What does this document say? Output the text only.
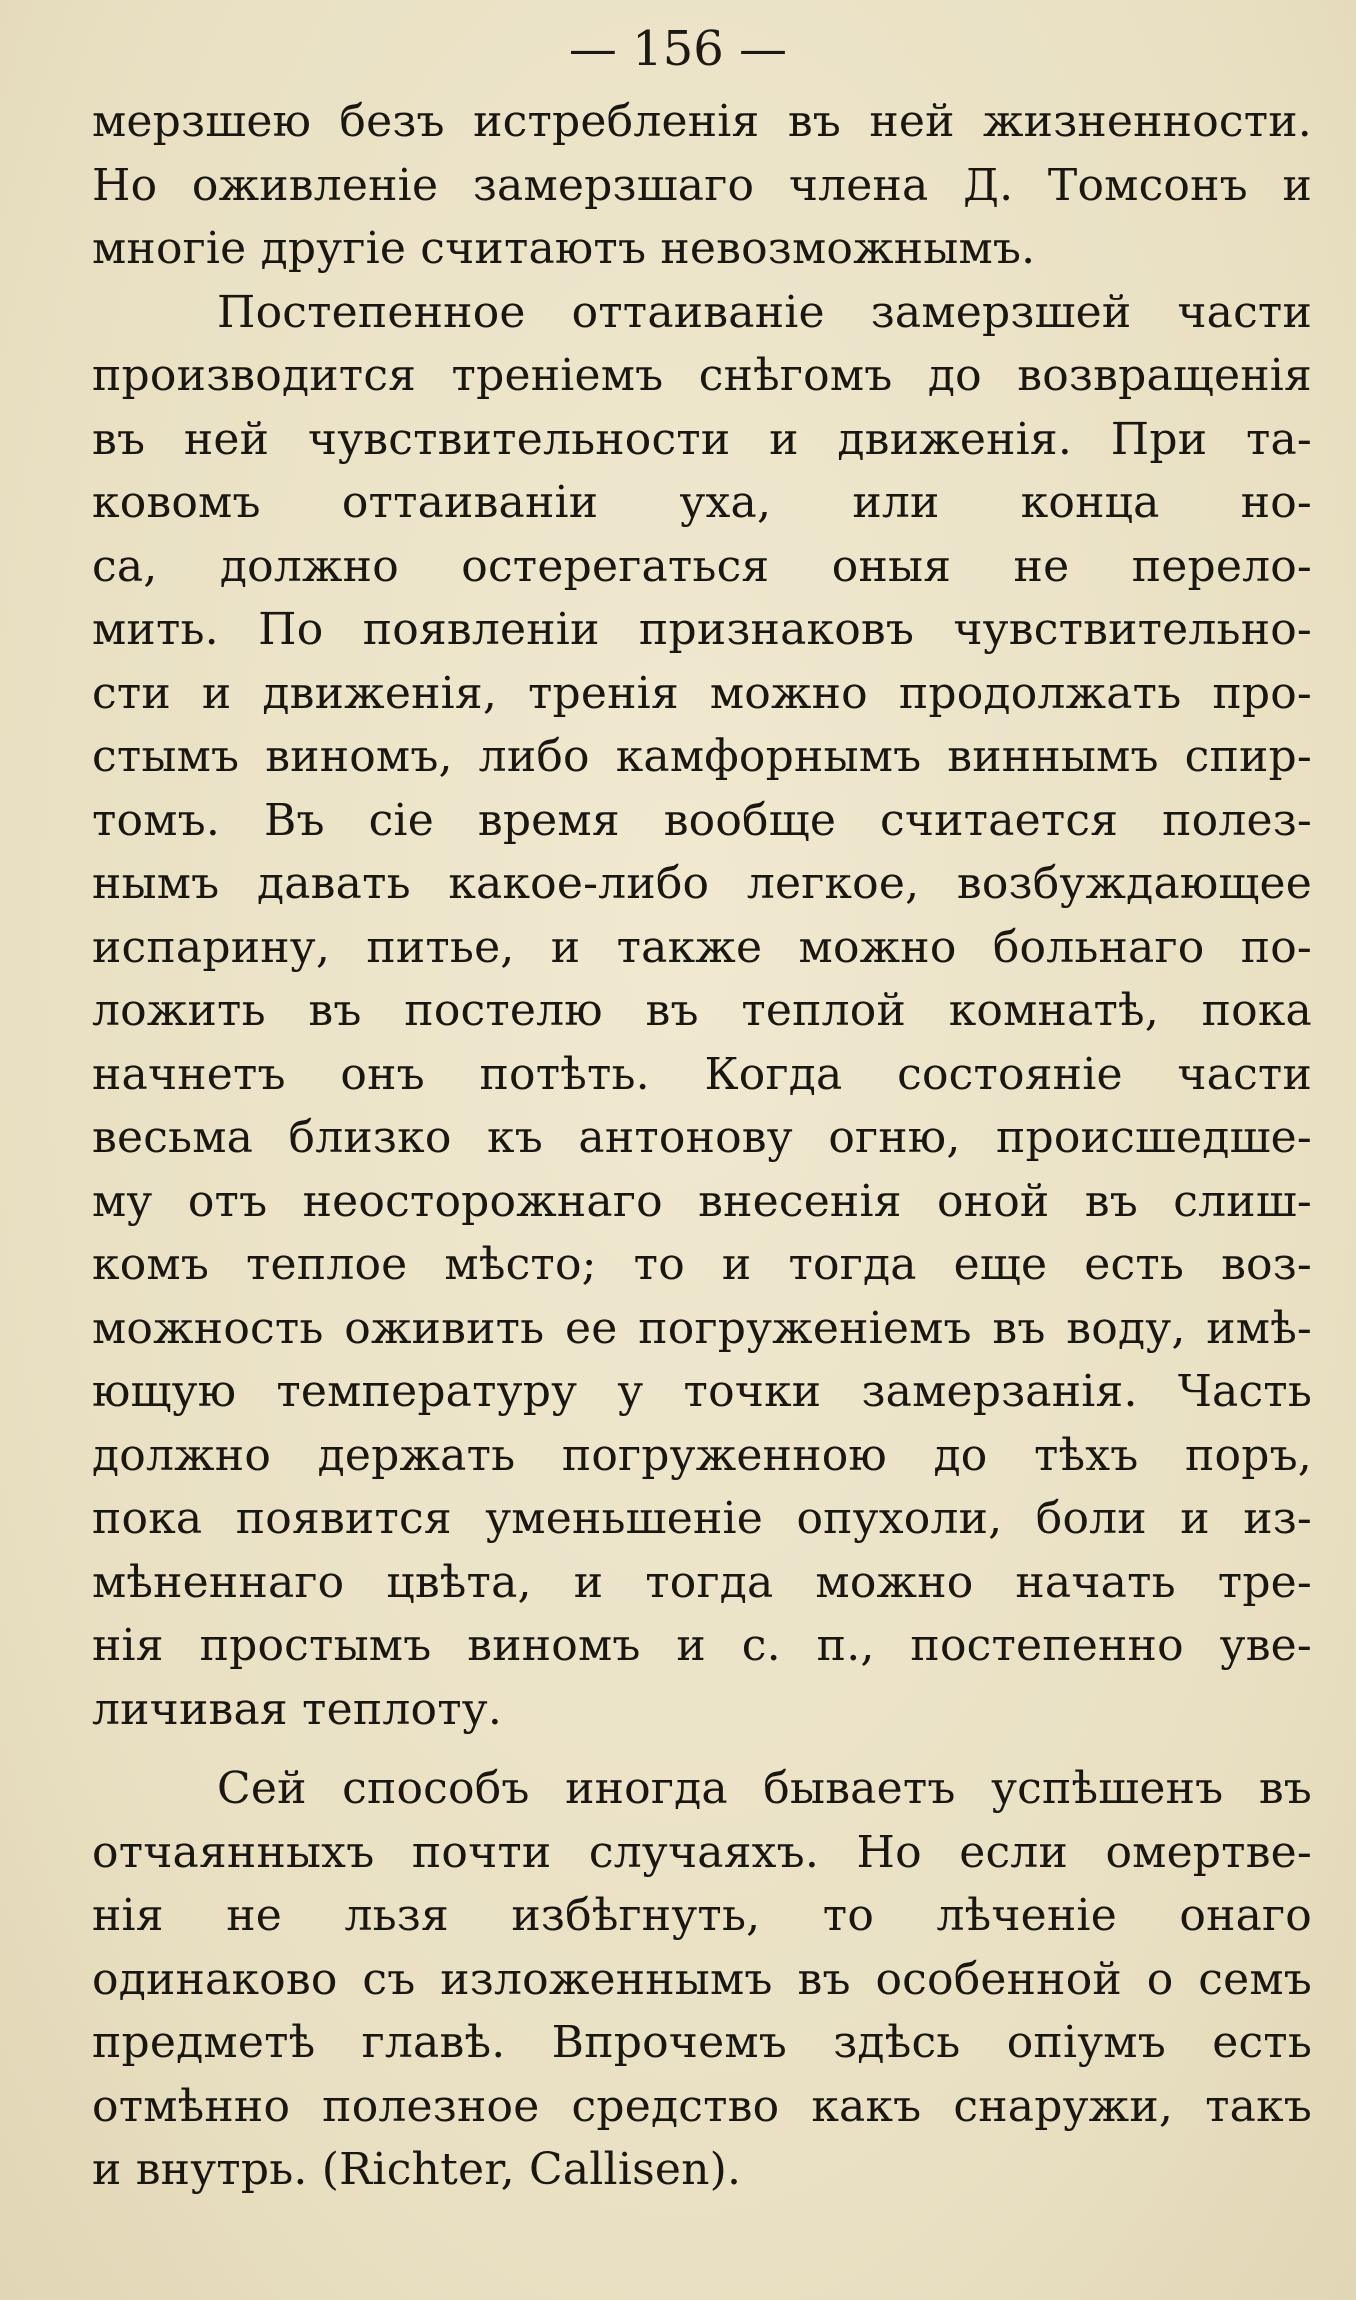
— 156 —
мерзшею безъ истребленія въ ней жизненности.
Но оживленіе замерзшаго члена Д. Томсонъ и
многіе другіе считаютъ невозможнымъ.
Постепенное оттаиваніе замерзшей части
производится треніемъ снѣгомъ до возвращенія
въ ней чувствительности и движенія. При та-
ковомъ оттаиваніи уха, или конца но-
са, должно остерегаться оныя не перело-
мить. По появленіи признаковъ чувствительно-
сти и движенія, тренія можно продолжать про-
стымъ виномъ, либо камфорнымъ виннымъ спир-
томъ. Въ сіе время вообще считается полез-
нымъ давать какое-либо легкое, возбуждающее
испарину, питье, и также можно больнаго по-
ложить въ постелю въ теплой комнатѣ, пока
начнетъ онъ потѣть. Когда состояніе части
весьма близко къ антонову огню, происшедше-
му отъ неосторожнаго внесенія оной въ слиш-
комъ теплое мѣсто; то и тогда еще есть воз-
можность оживить ее погруженіемъ въ воду, имѣ-
ющую температуру у точки замерзанія. Часть
должно держать погруженною до тѣхъ поръ,
пока появится уменьшеніе опухоли, боли и из-
мѣненнаго цвѣта, и тогда можно начать тре-
нія простымъ виномъ и с. п., постепенно уве-
личивая теплоту.
Сей способъ иногда бываетъ успѣшенъ въ
отчаянныхъ почти случаяхъ. Но если омертве-
нія не льзя избѣгнуть, то лѣченіе онаго
одинаково съ изложеннымъ въ особенной о семъ
предметѣ главѣ. Впрочемъ здѣсь опіумъ есть
отмѣнно полезное средство какъ снаружи, такъ
и внутрь. (Richter, Callisen).
